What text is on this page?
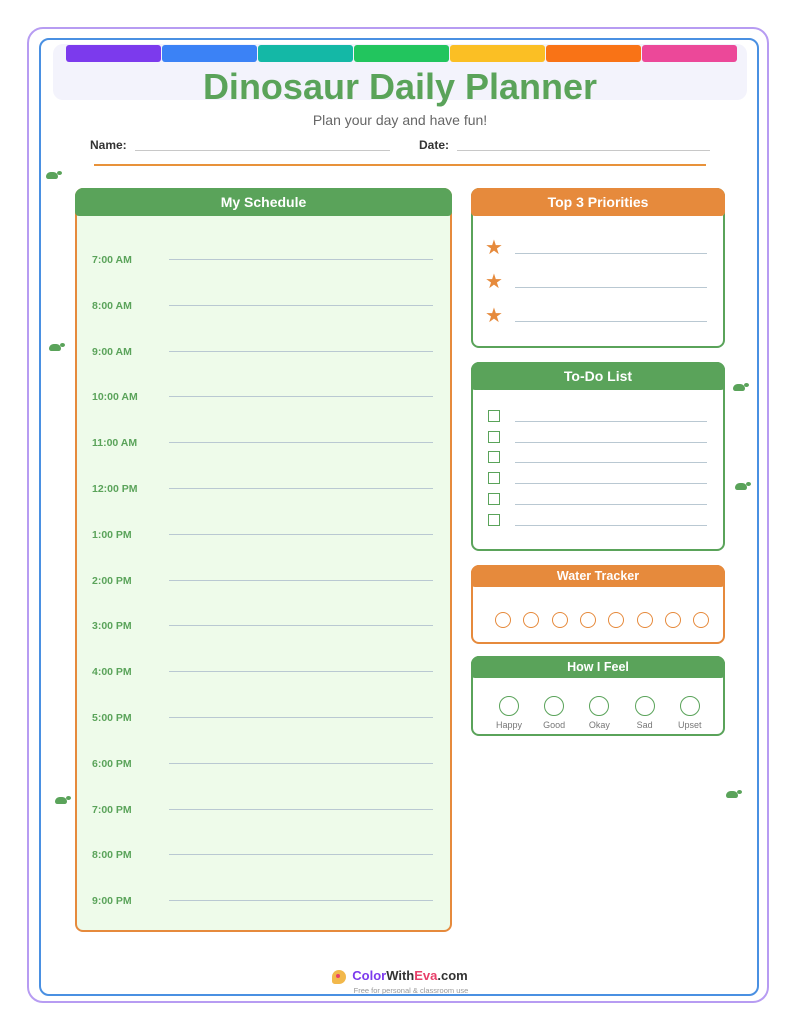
Dinosaur Daily Planner
Plan your day and have fun!
Name:	Date:
My Schedule
7:00 AM
8:00 AM
9:00 AM
10:00 AM
11:00 AM
12:00 PM
1:00 PM
2:00 PM
3:00 PM
4:00 PM
5:00 PM
6:00 PM
7:00 PM
8:00 PM
9:00 PM
Top 3 Priorities
★
★
★
To-Do List
Water Tracker
How I Feel
Happy	Good	Okay	Sad	Upset
ColorWithEva.com
Free for personal & classroom use
